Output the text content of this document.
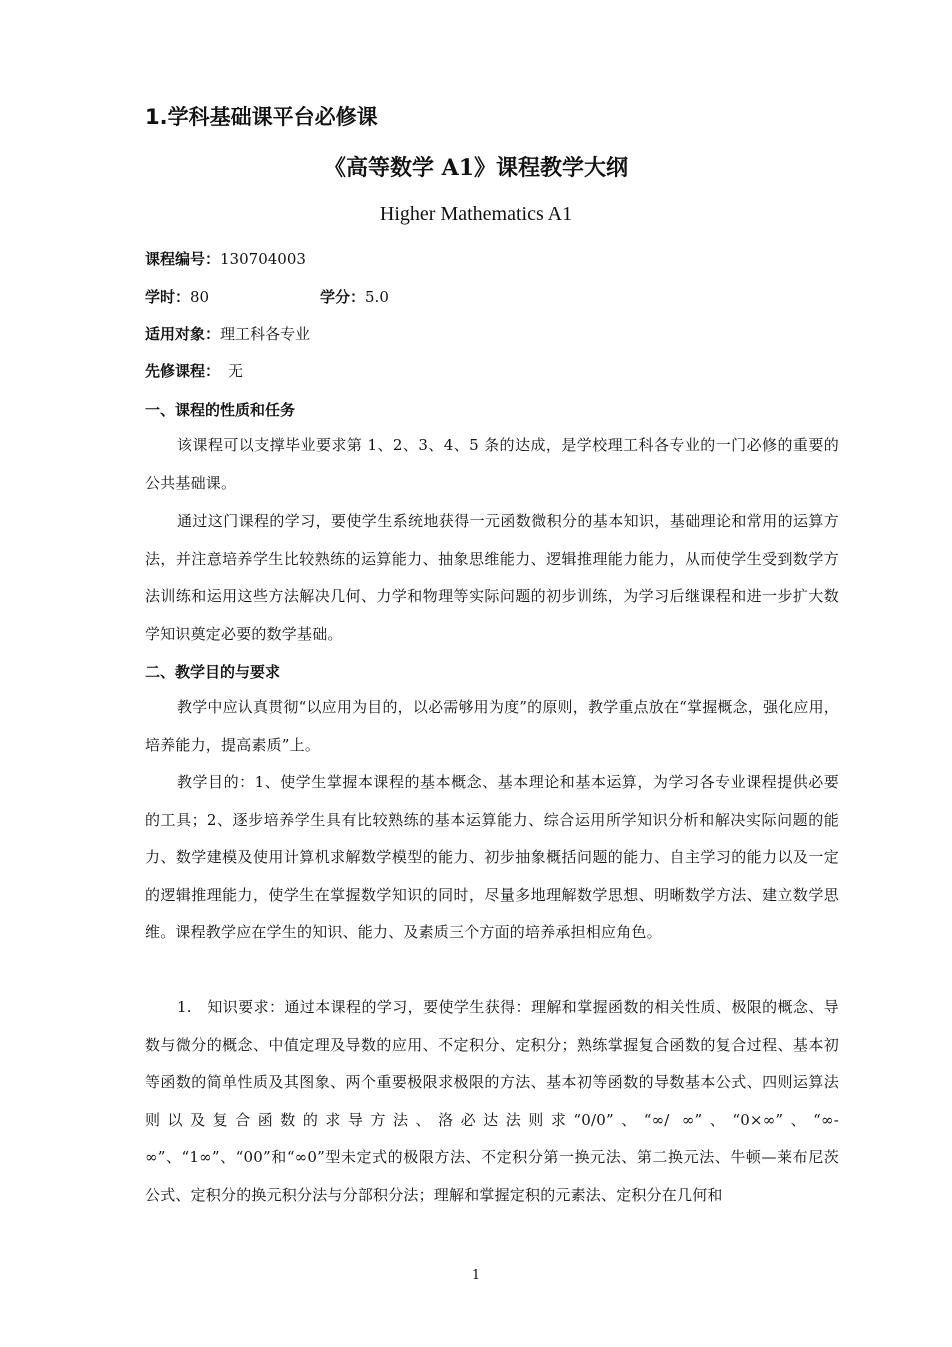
1.学科基础课平台必修课
《高等数学 A1》课程教学大纲
Higher Mathematics A1
课程编号：130704003
学时：80	学分：5.0
适用对象：理工科各专业
先修课程： 无
一、课程的性质和任务
该课程可以支撑毕业要求第 1、2、3、4、5 条的达成，是学校理工科各专业的一门必修的重要的公共基础课。
通过这门课程的学习，要使学生系统地获得一元函数微积分的基本知识，基础理论和常用的运算方法，并注意培养学生比较熟练的运算能力、抽象思维能力、逻辑推理能力能力，从而使学生受到数学方法训练和运用这些方法解决几何、力学和物理等实际问题的初步训练，为学习后继课程和进一步扩大数学知识奠定必要的数学基础。
二、教学目的与要求
教学中应认真贯彻“以应用为目的，以必需够用为度”的原则，教学重点放在“掌握概念，强化应用，培养能力，提高素质”上。
教学目的：1、使学生掌握本课程的基本概念、基本理论和基本运算，为学习各专业课程提供必要的工具；2、逐步培养学生具有比较熟练的基本运算能力、综合运用所学知识分析和解决实际问题的能力、数学建模及使用计算机求解数学模型的能力、初步抽象概括问题的能力、自主学习的能力以及一定的逻辑推理能力，使学生在掌握数学知识的同时，尽量多地理解数学思想、明晰数学方法、建立数学思维。课程教学应在学生的知识、能力、及素质三个方面的培养承担相应角色。
1.　知识要求：通过本课程的学习，要使学生获得：理解和掌握函数的相关性质、极限的概念、导数与微分的概念、中值定理及导数的应用、不定积分、定积分；熟练掌握复合函数的复合过程、基本初等函数的简单性质及其图象、两个重要极限求极限的方法、基本初等函数的导数基本公式、四则运算法则以及复合函数的求导方法、洛必达法则求“0/0”、“∞/ ∞”、“0×∞”、“∞-∞”、“1∞”、“00”和“∞0”型未定式的极限方法、不定积分第一换元法、第二换元法、牛顿—莱布尼茨公式、定积分的换元积分法与分部积分法；理解和掌握定积的元素法、定积分在几何和
1
